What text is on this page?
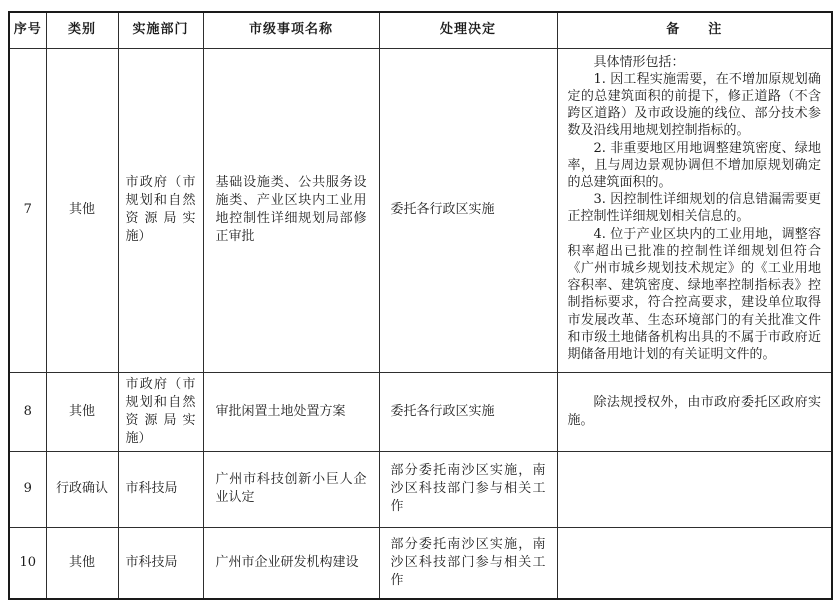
序号	类别	实施部门	市级事项名称	处理决定	备　　注
7	其他	市政府（市规划和自然资源局实施）	基础设施类、公共服务设施类、产业区块内工业用地控制性详细规划局部修正审批	委托各行政区实施	具体情形包括：

1. 因工程实施需要，在不增加原规划确定的总建筑面积的前提下，修正道路（不含跨区道路）及市政设施的线位、部分技术参数及沿线用地规划控制指标的。

2. 非重要地区用地调整建筑密度、绿地率，且与周边景观协调但不增加原规划确定的总建筑面积的。

3. 因控制性详细规划的信息错漏需要更正控制性详细规划相关信息的。

4. 位于产业区块内的工业用地，调整容积率超出已批准的控制性详细规划但符合《广州市城乡规划技术规定》的《工业用地容积率、建筑密度、绿地率控制指标表》控制指标要求，符合控高要求，建设单位取得市发展改革、生态环境部门的有关批准文件和市级土地储备机构出具的不属于市政府近期储备用地计划的有关证明文件的。

8	其他	市政府（市规划和自然资源局实施）	审批闲置土地处置方案	委托各行政区实施	除法规授权外，由市政府委托区政府实施。

9	行政确认	市科技局	广州市科技创新小巨人企业认定	部分委托南沙区实施，南沙区科技部门参与相关工作	
10	其他	市科技局	广州市企业研发机构建设	部分委托南沙区实施，南沙区科技部门参与相关工作	
